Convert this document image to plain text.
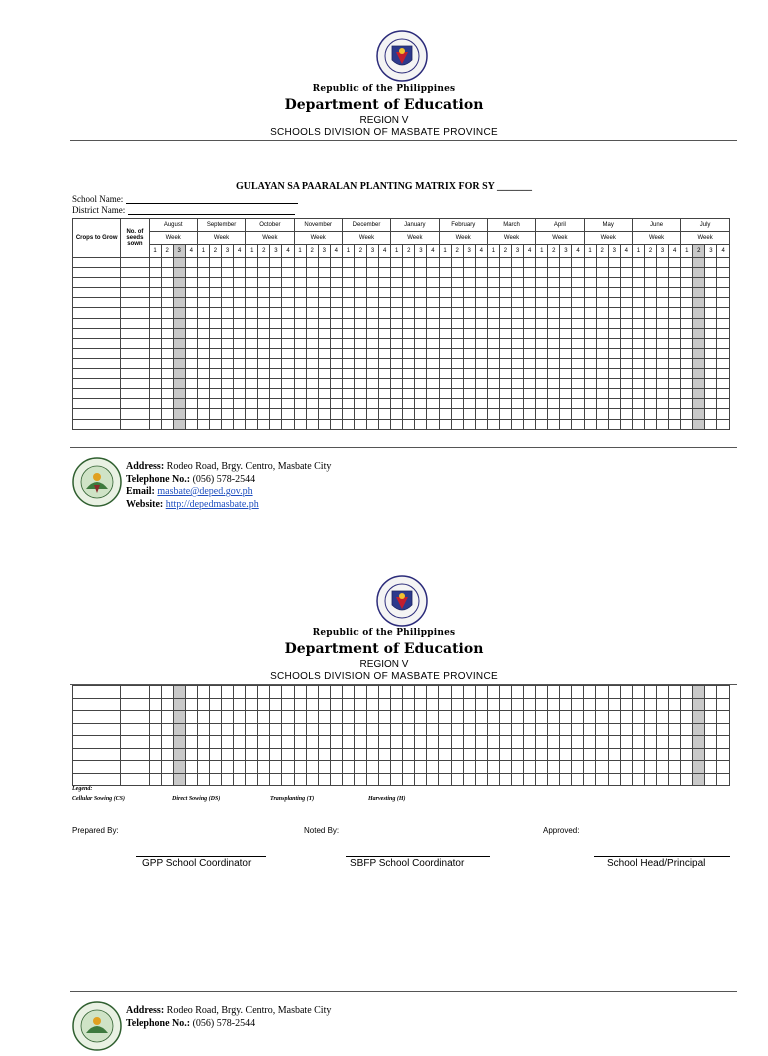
Republic of the Philippines
Department of Education
REGION V
SCHOOLS DIVISION OF MASBATE PROVINCE
GULAYAN SA PAARALAN PLANTING MATRIX FOR SY _______
School Name:
District Name:
Crops to Grow	No. of seeds sown	August				September				October				November				December				January				February				March				April				May				June				July			
		Week				Week				Week				Week				Week				Week				Week				Week				Week				Week				Week				Week			
		1	2	3	4	1	2	3	4	1	2	3	4	1	2	3	4	1	2	3	4	1	2	3	4	1	2	3	4	1	2	3	4	1	2	3	4	1	2	3	4	1	2	3	4	1	2	3	4

Address: Rodeo Road, Brgy. Centro, Masbate City
Telephone No.: (056) 578-2544
Email: masbate@deped.gov.ph
Website: http://depedmasbate.ph
Republic of the Philippines
Department of Education
REGION V
SCHOOLS DIVISION OF MASBATE PROVINCE

Legend:
Cellular Sowing (CS)	Direct Sowing (DS)	Transplanting (T)	Harvesting (H)
Prepared By:	Noted By:	Approved:
GPP School Coordinator	SBFP School Coordinator	School Head/Principal
Address: Rodeo Road, Brgy. Centro, Masbate City
Telephone No.: (056) 578-2544
